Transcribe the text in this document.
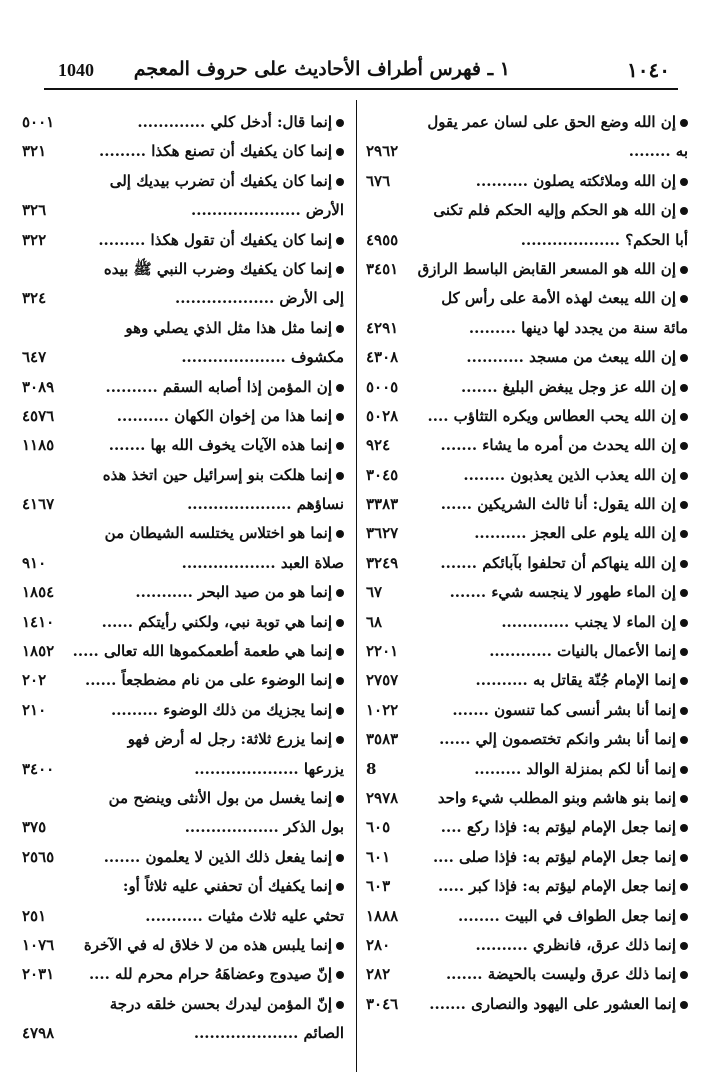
1040 ١ ـ فهرس أطراف الأحاديث على حروف المعجم	١٠٤٠
إن الله وضع الحق على لسان عمر يقول
به ........
٢٩٦٢
إن الله وملائكته يصلون ..........
٦٧٦
إن الله هو الحكم وإليه الحكم فلم تكنى
أبا الحكم؟ ...................
٤٩٥٥
إن الله هو المسعر القابض الباسط الرازق
٣٤٥١
إن الله يبعث لهذه الأمة على رأس كل
مائة سنة من يجدد لها دينها .........
٤٢٩١
إن الله يبعث من مسجد ...........
٤٣٠٨
إن الله عز وجل يبغض البليغ .......
٥٠٠٥
إن الله يحب العطاس ويكره التثاؤب ....
٥٠٢٨
إن الله يحدث من أمره ما يشاء .......
٩٢٤
إن الله يعذب الذين يعذبون ........
٣٠٤٥
إن الله يقول: أنا ثالث الشريكين ......
٣٣٨٣
إن الله يلوم على العجز ..........
٣٦٢٧
إن الله ينهاكم أن تحلفوا بآبائكم .......
٣٢٤٩
إن الماء طهور لا ينجسه شيء .......
٦٧
إن الماء لا يجنب .............
٦٨
إنما الأعمال بالنيات ............
٢٢٠١
إنما الإمام جُنّة يقاتل به ..........
٢٧٥٧
إنما أنا بشر أنسى كما تنسون .......
١٠٢٢
إنما أنا بشر وانكم تختصمون إلي ......
٣٥٨٣
إنما أنا لكم بمنزلة الوالد .........
8
إنما بنو هاشم وبنو المطلب شيء واحد
٢٩٧٨
إنما جعل الإمام ليؤتم به: فإذا ركع ....
٦٠٥
إنما جعل الإمام ليؤتم به: فإذا صلى ....
٦٠١
إنما جعل الإمام ليؤتم به: فإذا كبر .....
٦٠٣
إنما جعل الطواف في البيت ........
١٨٨٨
إنما ذلك عرق، فانظري ..........
٢٨٠
إنما ذلك عرق وليست بالحيضة .......
٢٨٢
إنما العشور على اليهود والنصارى .......
٣٠٤٦
إنما قال: أدخل كلي .............
٥٠٠١
إنما كان يكفيك أن تصنع هكذا .........
٣٢١
إنما كان يكفيك أن تضرب بيديك إلى
الأرض .....................
٣٢٦
إنما كان يكفيك أن تقول هكذا .........
٣٢٢
إنما كان يكفيك وضرب النبي ﷺ بيده
إلى الأرض ...................
٣٢٤
إنما مثل هذا مثل الذي يصلي وهو
مكشوف ....................
٦٤٧
إن المؤمن إذا أصابه السقم ..........
٣٠٨٩
إنما هذا من إخوان الكهان ..........
٤٥٧٦
إنما هذه الآيات يخوف الله بها .......
١١٨٥
إنما هلكت بنو إسرائيل حين اتخذ هذه
نساؤهم ....................
٤١٦٧
إنما هو اختلاس يختلسه الشيطان من
صلاة العبد ..................
٩١٠
إنما هو من صيد البحر ...........
١٨٥٤
إنما هي توبة نبي، ولكني رأيتكم ......
١٤١٠
إنما هي طعمة أطعمكموها الله تعالى .....
١٨٥٢
إنما الوضوء على من نام مضطجعاً ......
٢٠٢
إنما يجزيك من ذلك الوضوء .........
٢١٠
إنما يزرع ثلاثة: رجل له أرض فهو
يزرعها ....................
٣٤٠٠
إنما يغسل من بول الأنثى وينضح من
بول الذكر ..................
٣٧٥
إنما يفعل ذلك الذين لا يعلمون .......
٢٥٦٥
إنما يكفيك أن تحفني عليه ثلاثاً أو:
تحثي عليه ثلاث مثيات ...........
٢٥١
إنما يلبس هذه من لا خلاق له في الآخرة
١٠٧٦
إنّ صيدوج وعضاهَهُ حرام محرم لله ....
٢٠٣١
إنّ المؤمن ليدرك بحسن خلقه درجة
الصائم ....................
٤٧٩٨
